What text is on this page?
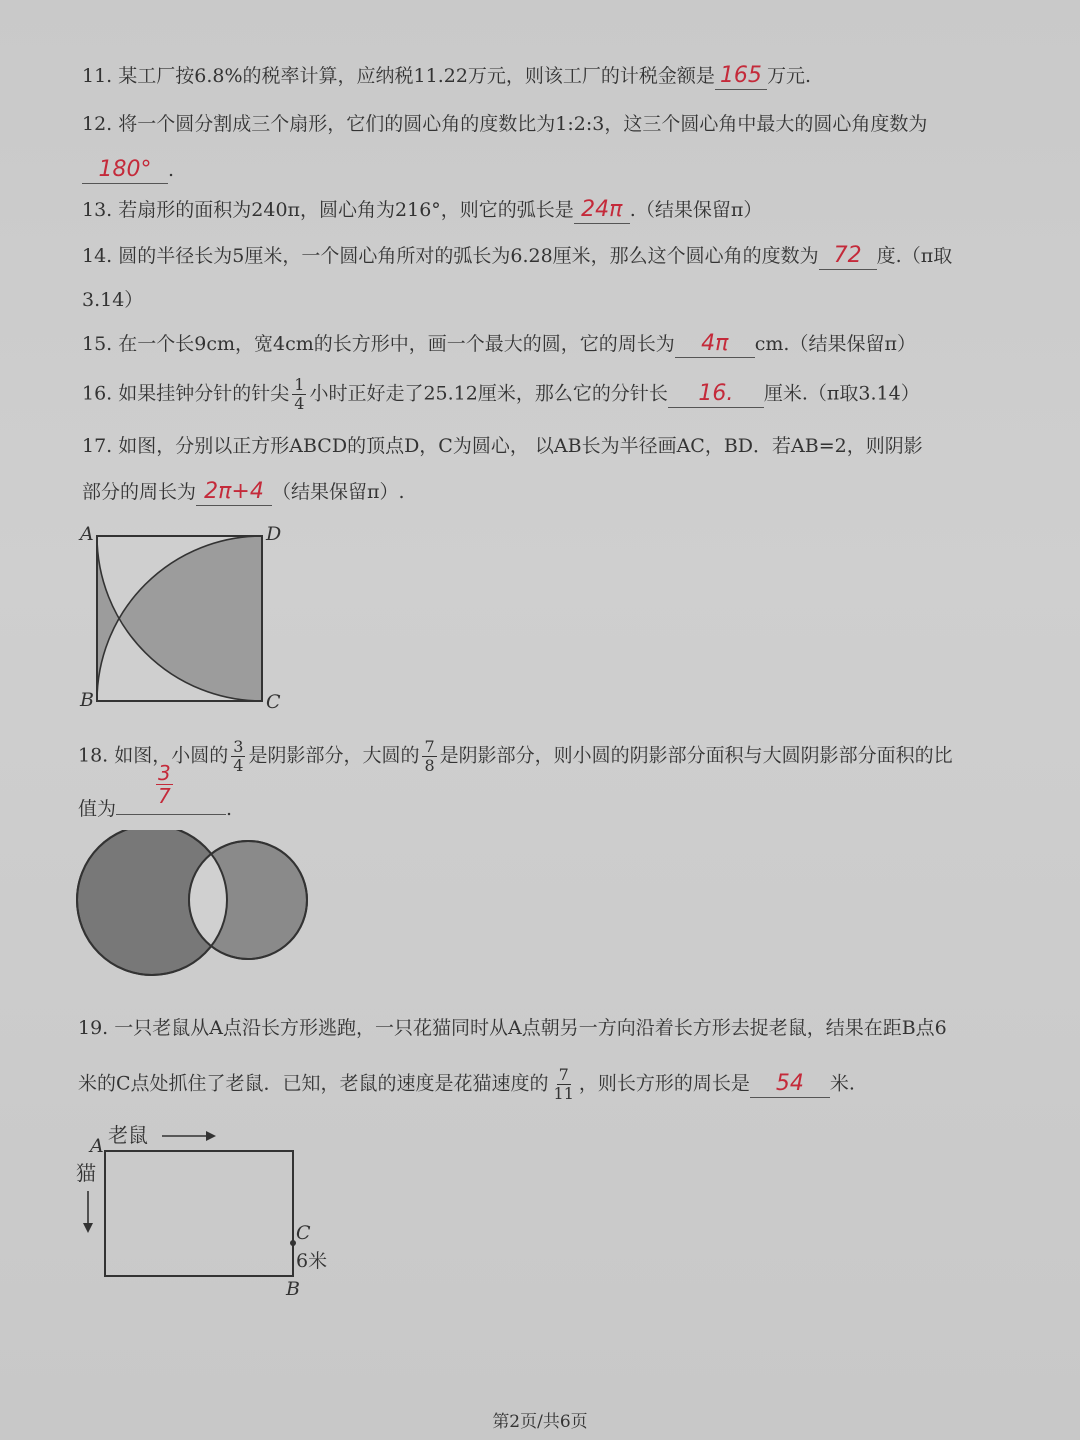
11. 某工厂按6.8%的税率计算，应纳税11.22万元，则该工厂的计税金额是 165 万元.
12. 将一个圆分割成三个扇形，它们的圆心角的度数比为1:2:3，这三个圆心角中最大的圆心角度数为
180° .
13. 若扇形的面积为240π，圆心角为216°，则它的弧长是 24π .（结果保留π）
14. 圆的半径长为5厘米，一个圆心角所对的弧长为6.28厘米，那么这个圆心角的度数为 72 度.（π取
3.14）
15. 在一个长9cm，宽4cm的长方形中，画一个最大的圆，它的周长为 4π cm.（结果保留π）
16. 如果挂钟分针的针尖 $\frac{1}{4}$ 小时正好走了25.12厘米，那么它的分针长 16. 厘米.（π取3.14）
17. 如图，分别以正方形ABCD的顶点D，C为圆心， 以AB长为半径画AC，BD．若AB=2，则阴影
部分的周长为 2π+4 （结果保留π）.
A	D
B	C
18. 如图，小圆的 $\frac{3}{4}$ 是阴影部分，大圆的 $\frac{7}{8}$ 是阴影部分，则小圆的阴影部分面积与大圆阴影部分面积的比
值为
3
7
.
19. 一只老鼠从A点沿长方形逃跑，一只花猫同时从A点朝另一方向沿着长方形去捉老鼠，结果在距B点6
米的C点处抓住了老鼠．已知，老鼠的速度是花猫速度的 $\frac{7}{11}$ ，则长方形的周长是 54 米.
A 老鼠
猫
C
6米
B
第2页/共6页
